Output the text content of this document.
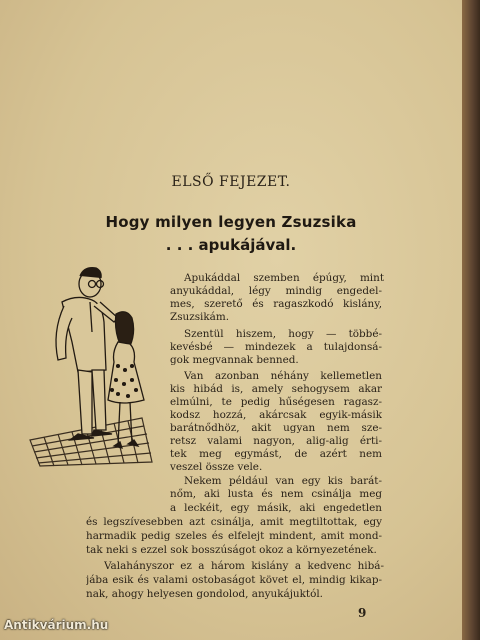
ELSŐ FEJEZET.
Hogy milyen legyen Zsuzsika
. . . apukájával.
Apukáddal szemben épúgy, mint
anyukáddal, légy mindig engedel-
mes, szerető és ragaszkodó kislány,
Zsuzsikám.
Szentül hiszem, hogy — többé-
kevésbé — mindezek a tulajdonsá-
gok megvannak benned.
Van azonban néhány kellemetlen
kis hibád is, amely sehogysem akar
elmúlni, te pedig hűségesen ragasz-
kodsz hozzá, akárcsak egyik-másik
barátnődhöz, akit ugyan nem sze-
retsz valami nagyon, alig-alig érti-
tek meg egymást, de azért nem
veszel össze vele.
Nekem például van egy kis barát-
nőm, aki lusta és nem csinálja meg
a leckéit, egy másik, aki engedetlen
és legszívesebben azt csinálja, amit megtiltottak, egy
harmadik pedig szeles és elfelejt mindent, amit mond-
tak neki s ezzel sok bosszúságot okoz a környezetének.
Valahányszor ez a három kislány a kedvenc hibá-
jába esik és valami ostobaságot követ el, mindig kikap-
nak, ahogy helyesen gondolod, anyukájuktól.
9
Antikvárium.hu
